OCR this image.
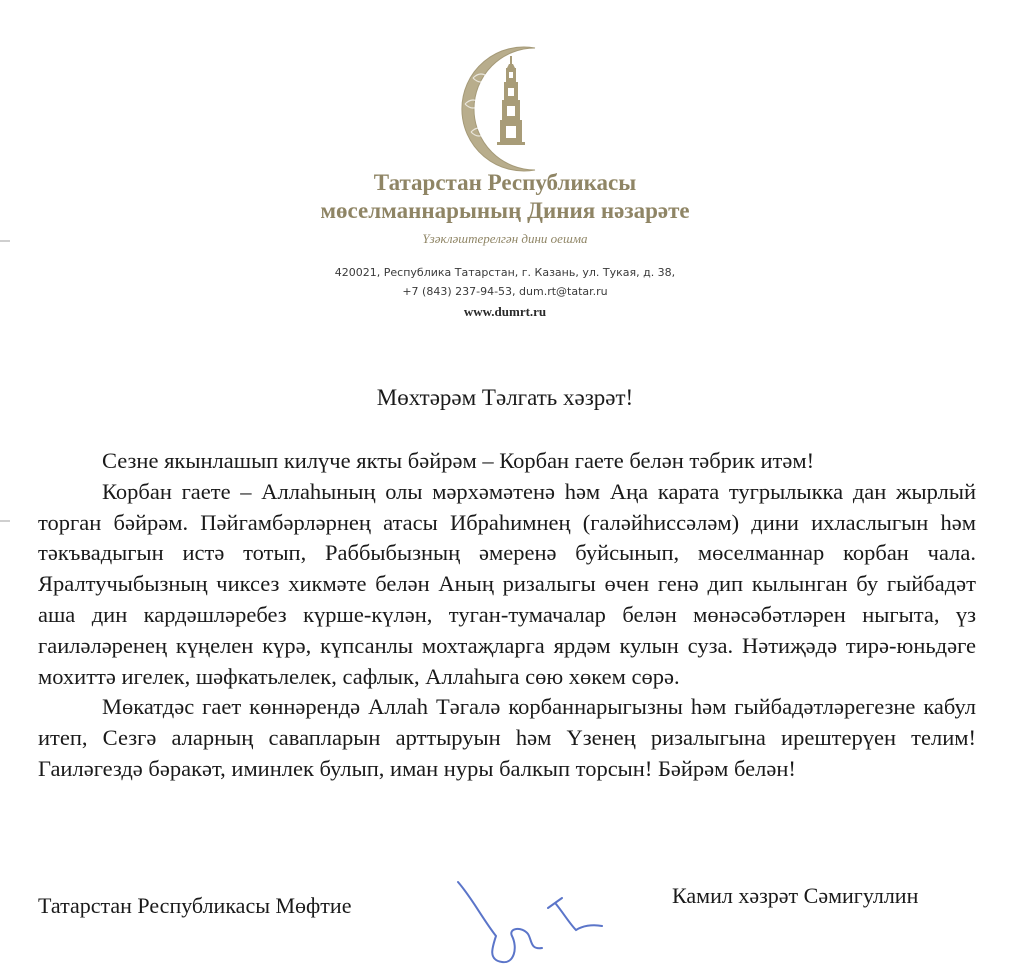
Татарстан Республикасы
мөселманнарының Диния нәзарәте
Үзәкләштерелгән дини оешма
420021, Республика Татарстан, г. Казань, ул. Тукая, д. 38,
+7 (843) 237-94-53, dum.rt@tatar.ru
www.dumrt.ru
Мөхтәрәм Тәлгать хәзрәт!

Сезне якынлашып килүче якты бәйрәм – Корбан гаете белән тәбрик итәм!

Корбан гаете – Аллаһының олы мәрхәмәтенә һәм Аңа карата тугрылыкка дан жырлый торган бәйрәм. Пәйгамбәрләрнең атасы Ибраһимнең (галәйһиссәләм) дини ихласлыгын һәм тәкъвадыгын истә тотып, Раббыбызның әмеренә буйсынып, мөселманнар корбан чала. Яралтучыбызның чиксез хикмәте белән Аның ризалыгы өчен генә дип кылынган бу гыйбадәт аша дин кардәшләребез күрше-күлән, туган-тумачалар белән мөнәсәбәтләрен ныгыта, үз гаиләләренең күңелен күрә, күпсанлы мохтаҗларга ярдәм кулын суза. Нәтиҗәдә тирә-юньдәге мохиттә игелек, шәфкатьлелек, сафлык, Аллаһыга сөю хөкем сөрә.

Мөкатдәс гает көннәрендә Аллаһ Тәгалә корбаннарыгызны һәм гыйбадәтләрегезне кабул итеп, Сезгә аларның савапларын арттыруын һәм Үзенең ризалыгына ирештерүен телим! Гаиләгездә бәракәт, иминлек булып, иман нуры балкып торсын! Бәйрәм белән!

Татарстан Республикасы Мөфтие	Камил хәзрәт Сәмигуллин
